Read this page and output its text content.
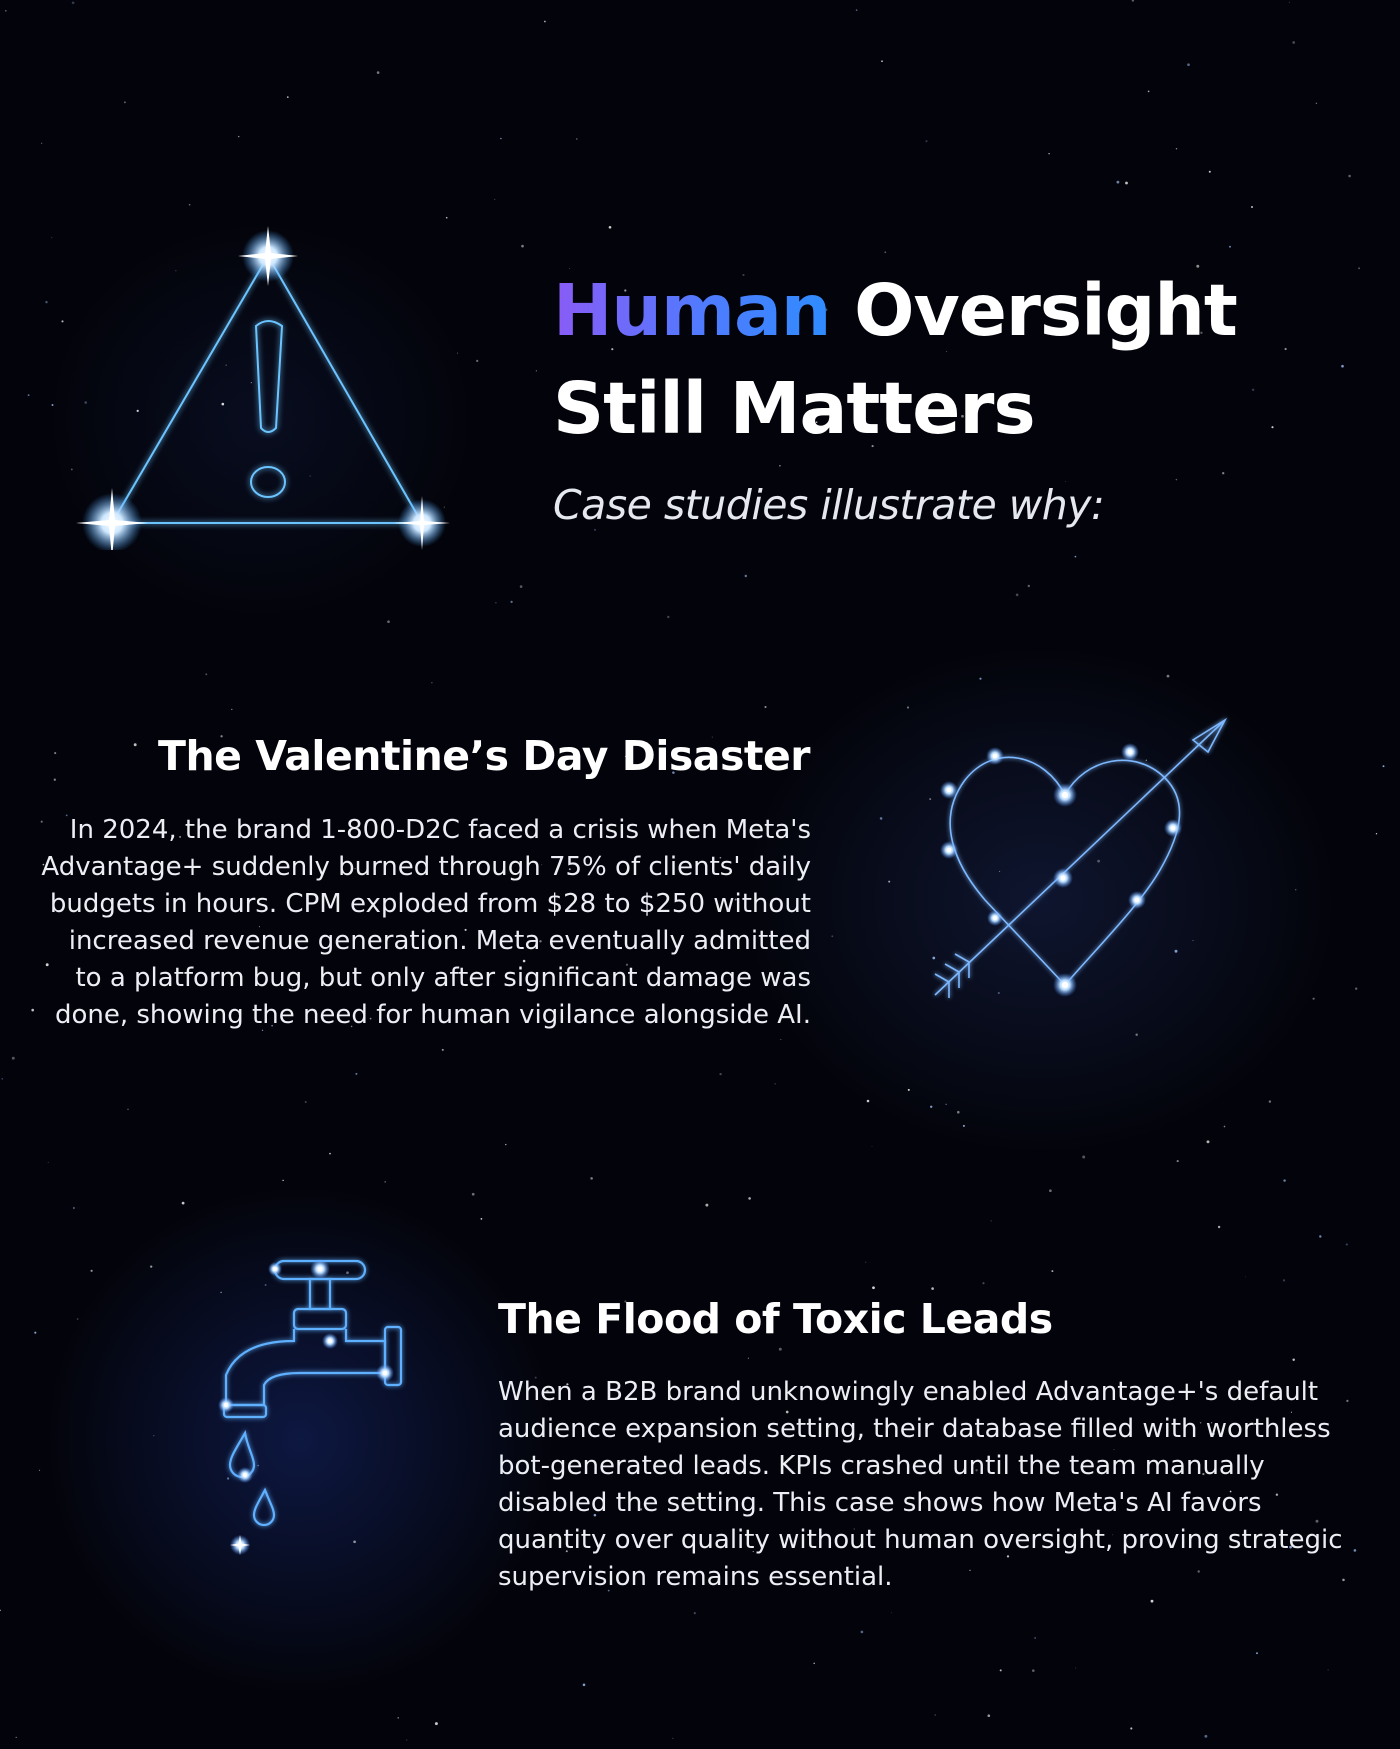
Human Oversight
Still Matters
Case studies illustrate why:
The Valentine’s Day Disaster
In 2024, the brand 1-800-D2C faced a crisis when Meta's Advantage+ suddenly burned through 75% of clients' daily budgets in hours. CPM exploded from $28 to $250 without increased revenue generation. Meta eventually admitted to a platform bug, but only after significant damage was done, showing the need for human vigilance alongside AI.
The Flood of Toxic Leads
When a B2B brand unknowingly enabled Advantage+'s default audience expansion setting, their database filled with worthless bot-generated leads. KPIs crashed until the team manually disabled the setting. This case shows how Meta's AI favors quantity over quality without human oversight, proving strategic supervision remains essential.
